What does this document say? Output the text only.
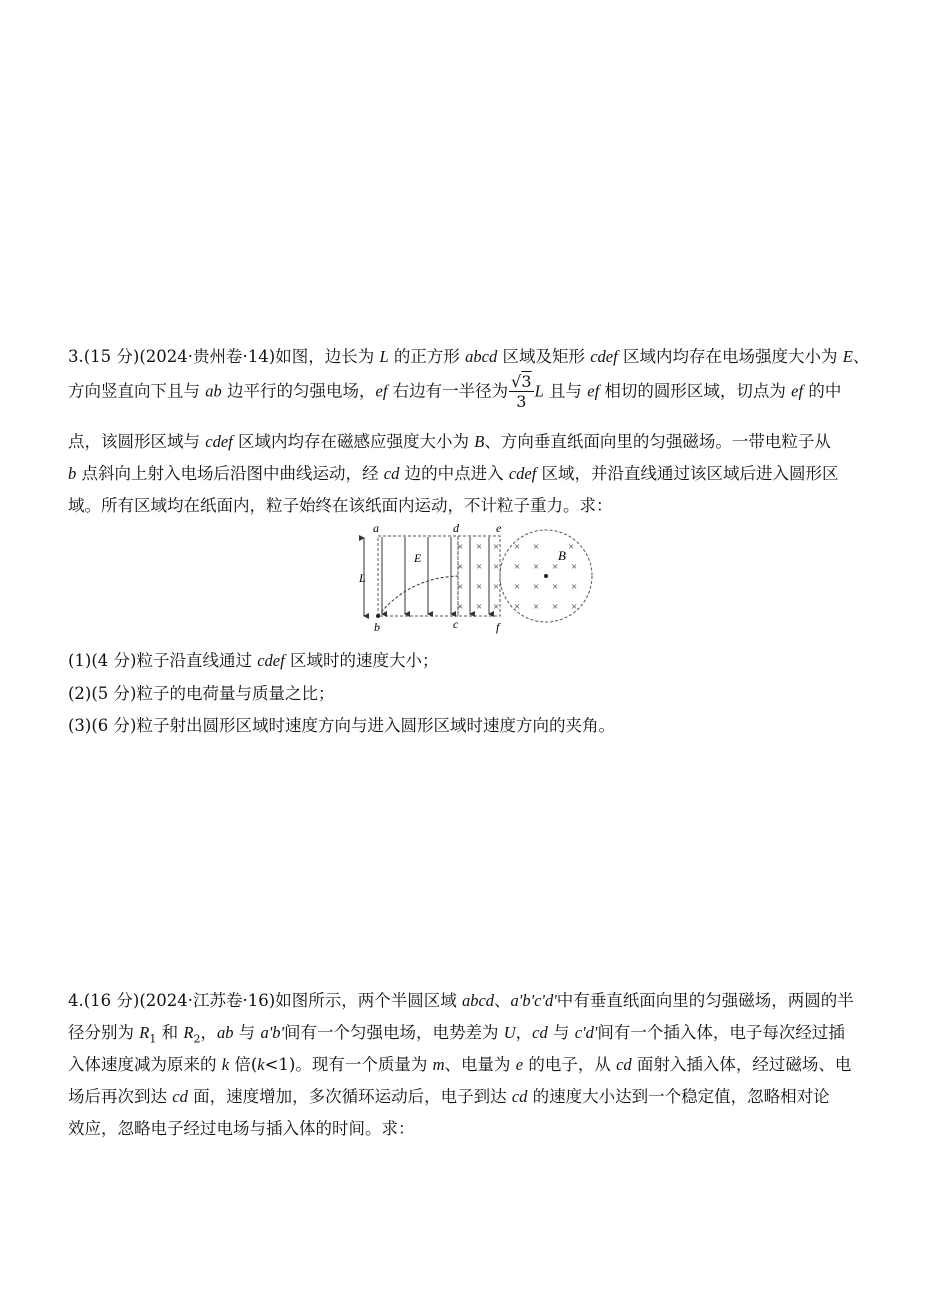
3.(15 分)(2024·贵州卷·14)如图，边长为 L 的正方形 abcd 区域及矩形 cdef 区域内均存在电场强度大小为 E、
方向竖直向下且与 ab 边平行的匀强电场，ef 右边有一半径为 $\frac{√3}{3}$ L 且与 ef 相切的圆形区域，切点为 ef 的中
点，该圆形区域与 cdef 区域内均存在磁感应强度大小为 B、方向垂直纸面向里的匀强磁场。一带电粒子从
b 点斜向上射入电场后沿图中曲线运动，经 cd 边的中点进入 cdef 区域，并沿直线通过该区域后进入圆形区
域。所有区域均在纸面内，粒子始终在该纸面内运动，不计粒子重力。求：
(1)(4 分)粒子沿直线通过 cdef 区域时的速度大小；
(2)(5 分)粒子的电荷量与质量之比；
(3)(6 分)粒子射出圆形区域时速度方向与进入圆形区域时速度方向的夹角。
L
× × ×
× × ×
× × ×
× × ×
× ×	×
× × × ×
× × × ×
× × × ×
B
a	d	e
b	c	f
E
4.(16 分)(2024·江苏卷·16)如图所示，两个半圆区域 abcd、a'b'c'd'中有垂直纸面向里的匀强磁场，两圆的半
径分别为 $R_1$ 和 $R_2$，ab 与 a'b'间有一个匀强电场，电势差为 U，cd 与 c'd'间有一个插入体，电子每次经过插
入体速度减为原来的 k 倍(k<1)。现有一个质量为 m、电量为 e 的电子，从 cd 面射入插入体，经过磁场、电
场后再次到达 cd 面，速度增加，多次循环运动后，电子到达 cd 的速度大小达到一个稳定值，忽略相对论
效应，忽略电子经过电场与插入体的时间。求：
